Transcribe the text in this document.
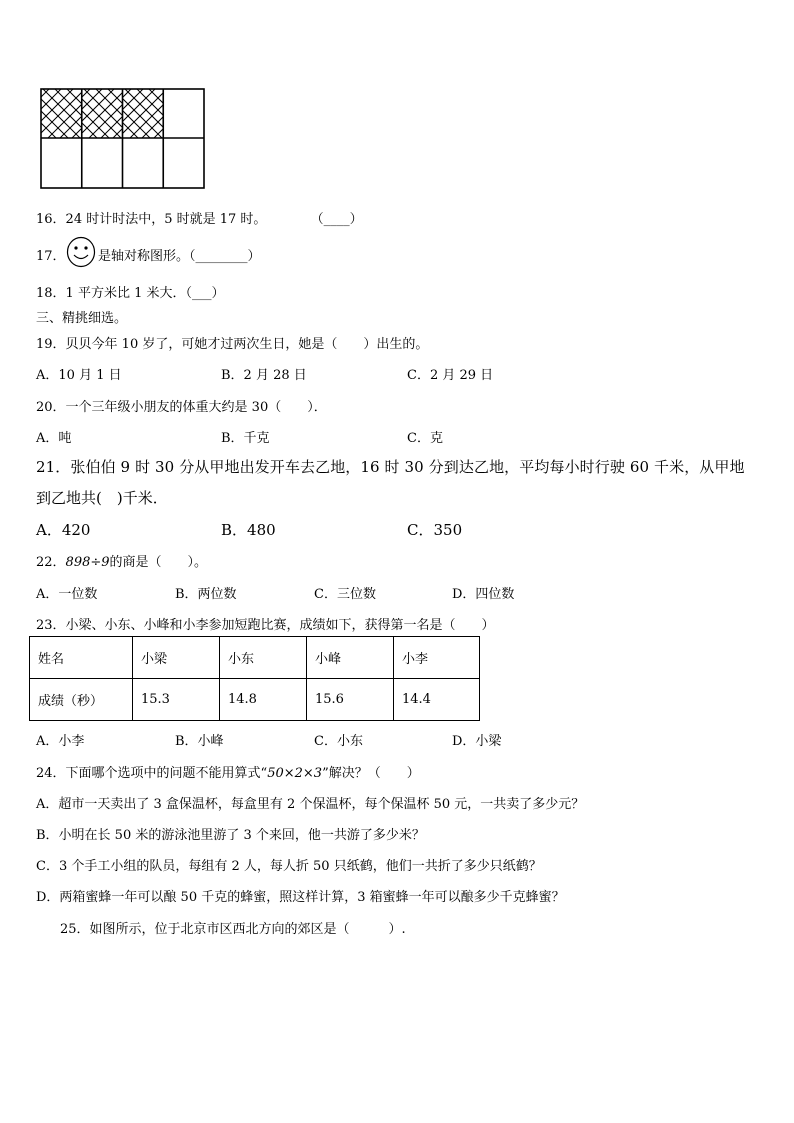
16．24 时计时法中，5 时就是 17 时。	（____）
17． 是轴对称图形。（________）
18．1 平方米比 1 米大．（___）
三、精挑细选。
19．贝贝今年 10 岁了，可她才过两次生日，她是（　　）出生的。
A．10 月 1 日	B．2 月 28 日	C．2 月 29 日
20．一个三年级小朋友的体重大约是 30（　　）．
A．吨	B．千克	C．克
21．张伯伯 9 时 30 分从甲地出发开车去乙地，16 时 30 分到达乙地，平均每小时行驶 60 千米，从甲地
到乙地共(　)千米．
A．420	B．480	C．350
22．898÷9的商是（　　）。
A．一位数	B．两位数	C．三位数	D．四位数
23．小梁、小东、小峰和小李参加短跑比赛，成绩如下，获得第一名是（　　）
姓名	小梁	小东	小峰	小李
成绩（秒）	15.3	14.8	15.6	14.4
A．小李	B．小峰	C．小东	D．小梁
24．下面哪个选项中的问题不能用算式“50×2×3”解决？（　　）
A．超市一天卖出了 3 盒保温杯，每盒里有 2 个保温杯，每个保温杯 50 元，一共卖了多少元？
B．小明在长 50 米的游泳池里游了 3 个来回，他一共游了多少米？
C．3 个手工小组的队员，每组有 2 人，每人折 50 只纸鹤，他们一共折了多少只纸鹤？
D．两箱蜜蜂一年可以酿 50 千克的蜂蜜，照这样计算，3 箱蜜蜂一年可以酿多少千克蜂蜜？
25．如图所示，位于北京市区西北方向的郊区是（　　　）.
